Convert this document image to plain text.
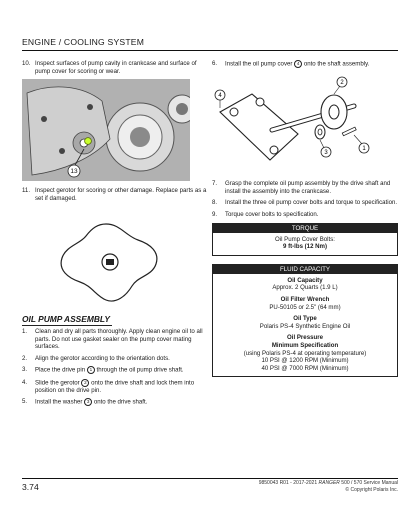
ENGINE / COOLING SYSTEM
10. Inspect surfaces of pump cavity in crankcase and surface of pump cover for scoring or wear.
13
11. Inspect gerotor for scoring or other damage. Replace parts as a set if damaged.
OIL PUMP ASSEMBLY
1.	Clean and dry all parts thoroughly. Apply clean engine oil to all parts. Do not use gasket sealer on the pump cover mating surfaces.
2.	Align the gerotor according to the orientation dots.
3.	Place the drive pin 1 through the oil pump drive shaft.
4.	Slide the gerotor 2 onto the drive shaft and lock them into position on the drive pin.
5.	Install the washer 3 onto the drive shaft.
6.	Install the oil pump cover 4 onto the shaft assembly.
1
2
3
4
7.	Grasp the complete oil pump assembly by the drive shaft and install the assembly into the crankcase.
8.	Install the three oil pump cover bolts and torque to specification.
9.	Torque cover bolts to specification.
TORQUE
Oil Pump Cover Bolts:
9 ft-lbs (12 Nm)
FLUID CAPACITY
Oil Capacity
Approx. 2 Quarts (1.9 L)
Oil Filter Wrench
PU-50105 or 2.5" (64 mm)
Oil Type
Polaris PS-4 Synthetic Engine Oil
Oil Pressure
Minimum Specification
(using Polaris PS-4 at operating temperature)
10 PSI @ 1200 RPM (Minimum)
40 PSI @ 7000 RPM (Minimum)
3.74	9850043 R01 - 2017-2021 RANGER 500 / 570 Service Manual
© Copyright Polaris Inc.
